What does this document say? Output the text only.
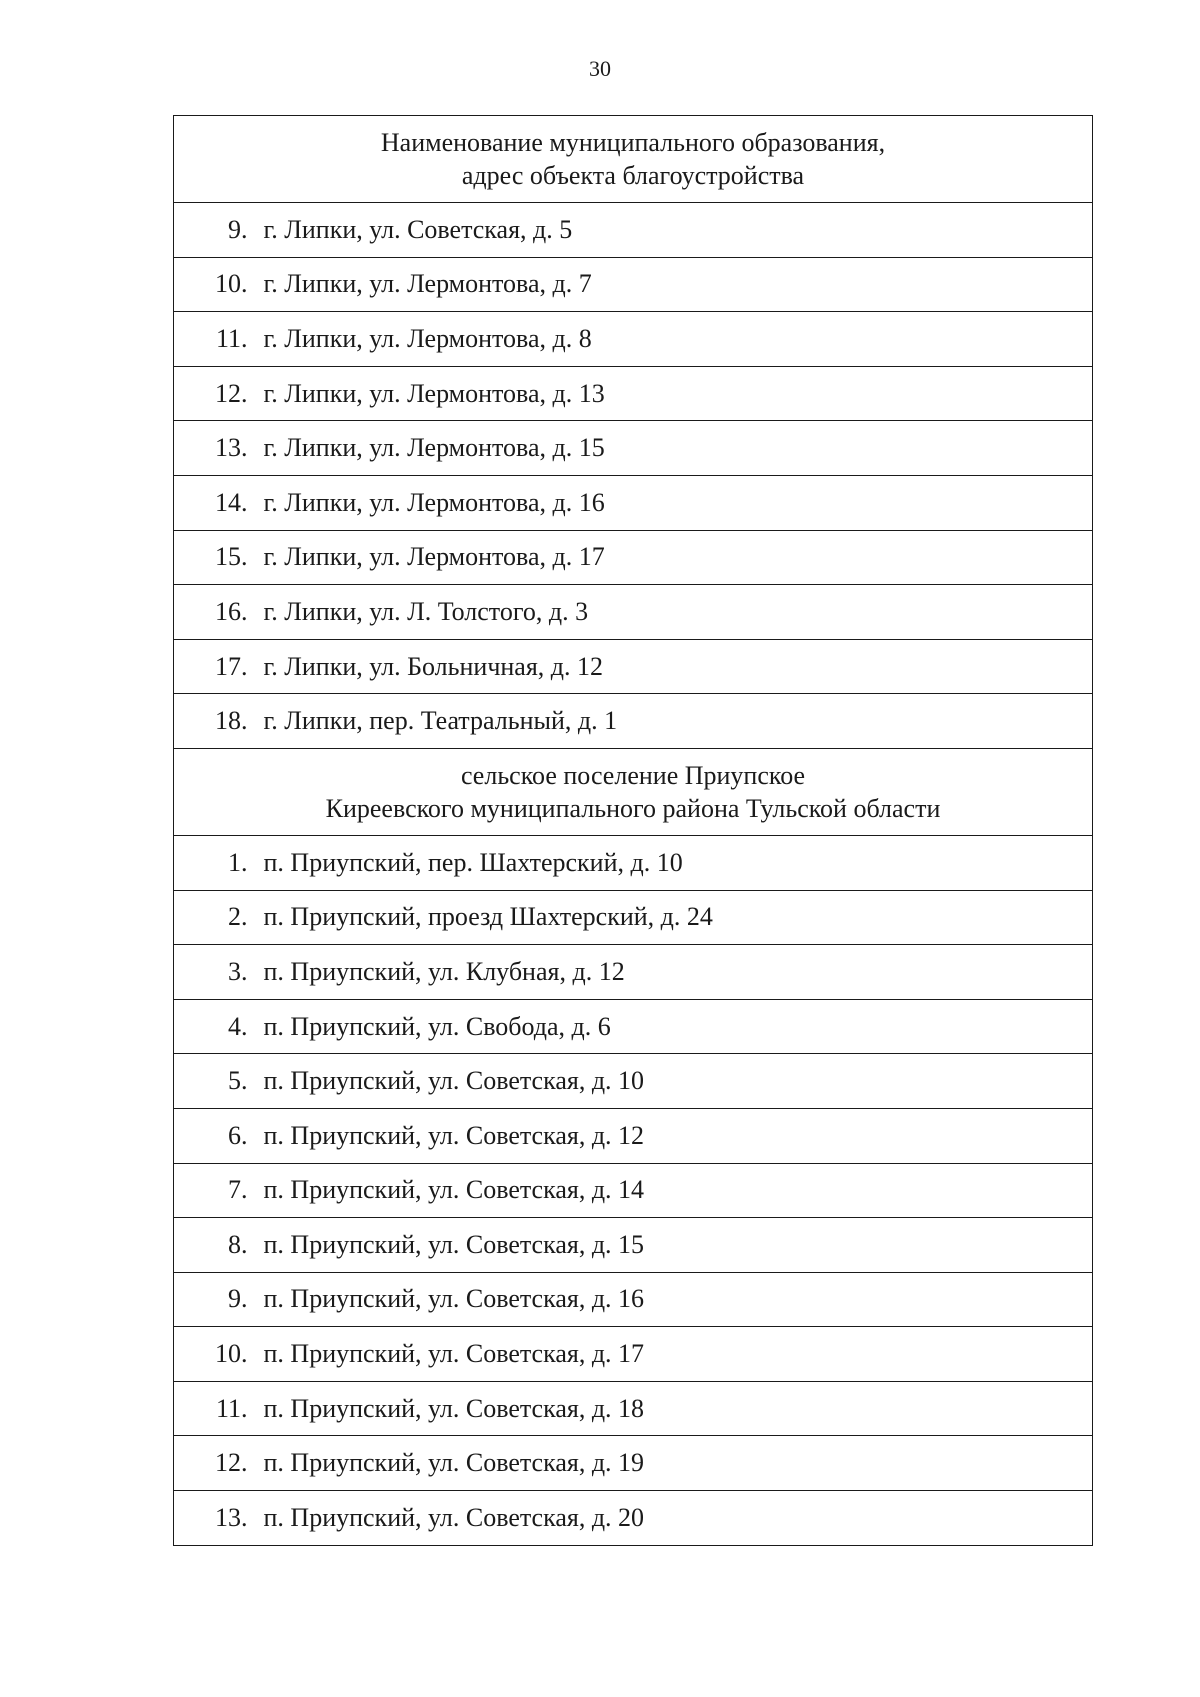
30
Наименование муниципального образования,
адрес объекта благоустройства	

9.	г. Липки, ул. Советская, д. 5
10.	г. Липки, ул. Лермонтова, д. 7
11.	г. Липки, ул. Лермонтова, д. 8
12.	г. Липки, ул. Лермонтова, д. 13
13.	г. Липки, ул. Лермонтова, д. 15
14.	г. Липки, ул. Лермонтова, д. 16
15.	г. Липки, ул. Лермонтова, д. 17
16.	г. Липки, ул. Л. Толстого, д. 3
17.	г. Липки, ул. Больничная, д. 12
18.	г. Липки, пер. Театральный, д. 1

сельское поселение Приупское
Киреевского муниципального района Тульской области	

1.	п. Приупский, пер. Шахтерский, д. 10
2.	п. Приупский, проезд Шахтерский, д. 24
3.	п. Приупский, ул. Клубная, д. 12
4.	п. Приупский, ул. Свобода, д. 6
5.	п. Приупский, ул. Советская, д. 10
6.	п. Приупский, ул. Советская, д. 12
7.	п. Приупский, ул. Советская, д. 14
8.	п. Приупский, ул. Советская, д. 15
9.	п. Приупский, ул. Советская, д. 16
10.	п. Приупский, ул. Советская, д. 17
11.	п. Приупский, ул. Советская, д. 18
12.	п. Приупский, ул. Советская, д. 19
13.	п. Приупский, ул. Советская, д. 20
